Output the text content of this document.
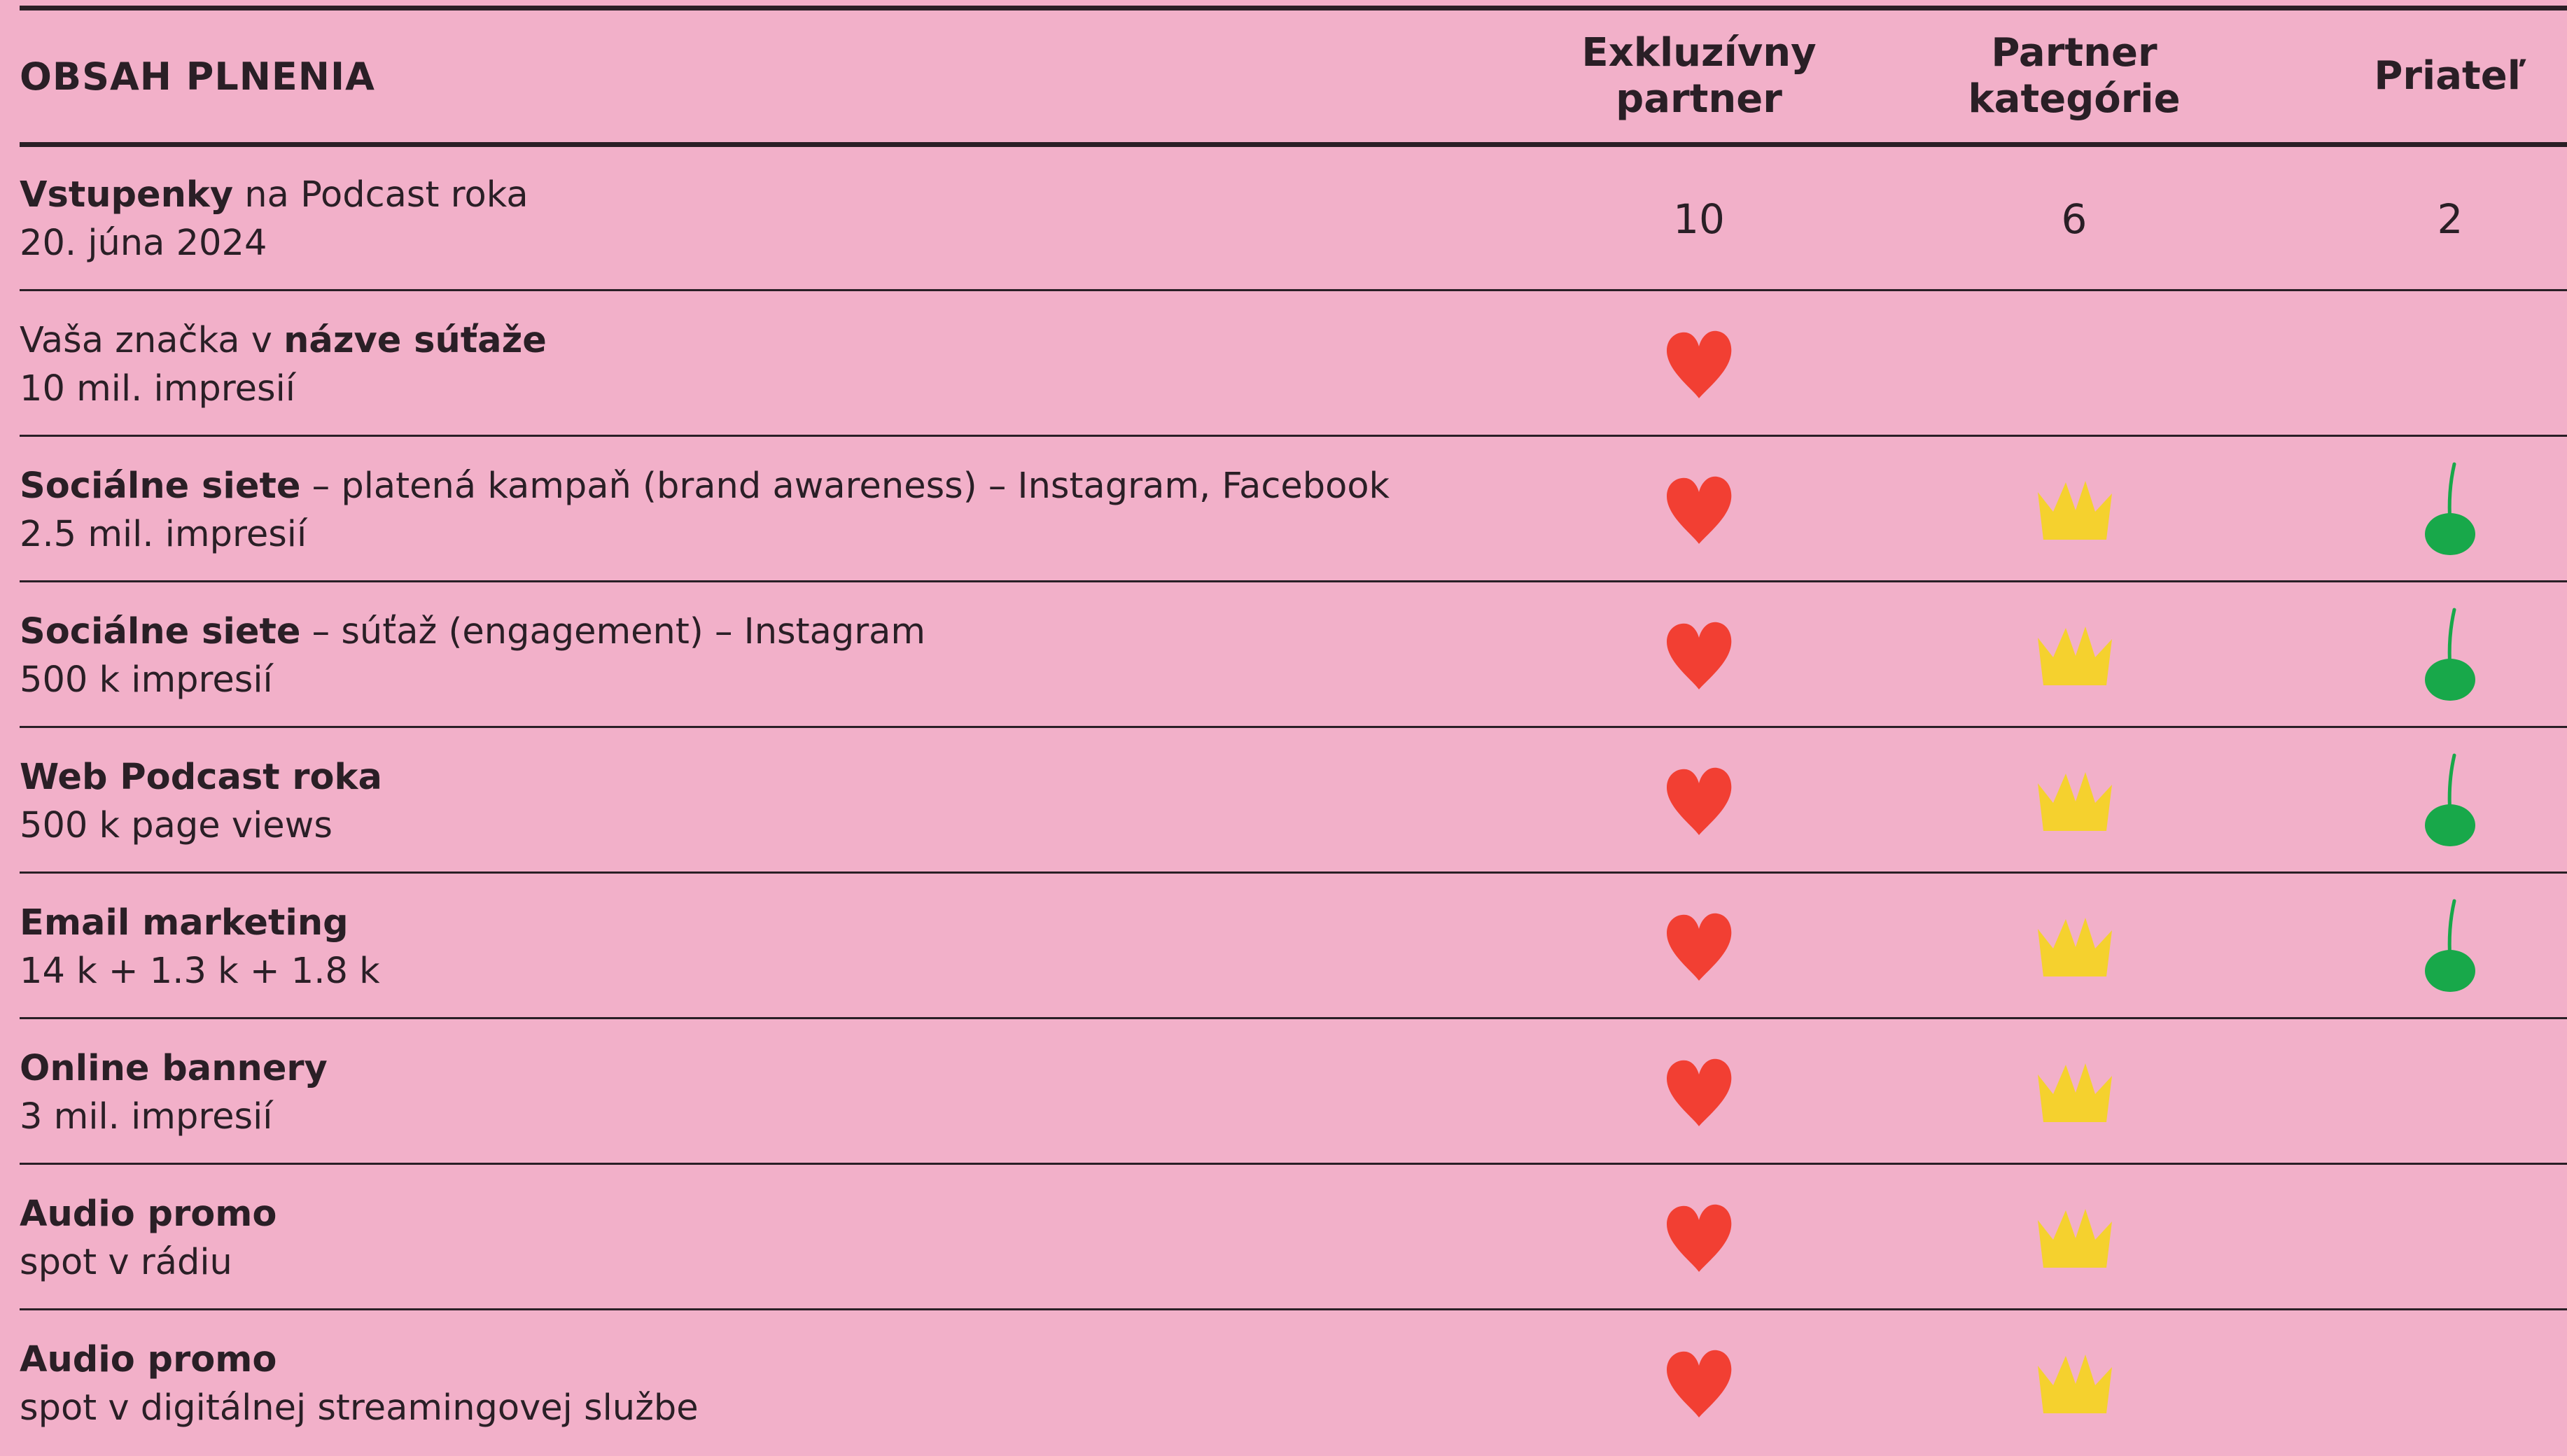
OBSAH PLNENIA
Exkluzívny
partner
Partner
kategórie
Priateľ
Vstupenky na Podcast roka
20. júna 2024
10	6	2
Vaša značka v názve súťaže
10 mil. impresií
Sociálne siete – platená kampaň (brand awareness) – Instagram, Facebook
2.5 mil. impresií
Sociálne siete – súťaž (engagement) – Instagram
500 k impresií
Web Podcast roka
500 k page views
Email marketing
14 k + 1.3 k + 1.8 k
Online bannery
3 mil. impresií
Audio promo
spot v rádiu
Audio promo
spot v digitálnej streamingovej službe
